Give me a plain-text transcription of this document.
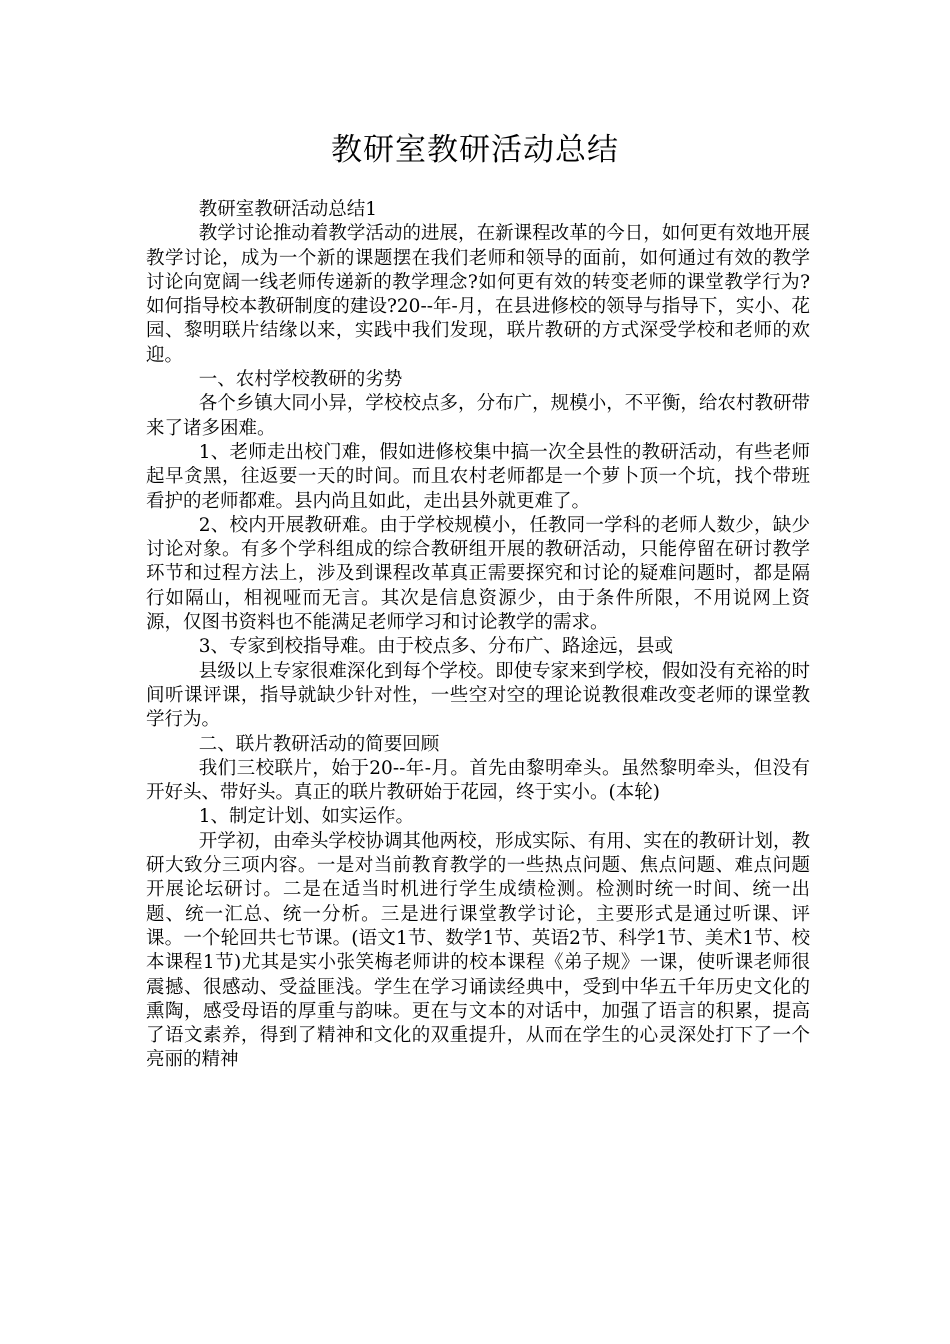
教研室教研活动总结

教研室教研活动总结1

教学讨论推动着教学活动的进展，在新课程改革的今日，如何更有效地开展教学讨论，成为一个新的课题摆在我们老师和领导的面前，如何通过有效的教学讨论向宽阔一线老师传递新的教学理念?如何更有效的转变老师的课堂教学行为?如何指导校本教研制度的建设?20--年-月，在县进修校的领导与指导下，实小、花园、黎明联片结缘以来，实践中我们发现，联片教研的方式深受学校和老师的欢迎。

一、农村学校教研的劣势

各个乡镇大同小异，学校校点多，分布广，规模小，不平衡，给农村教研带来了诸多困难。

1、老师走出校门难，假如进修校集中搞一次全县性的教研活动，有些老师起早贪黑，往返要一天的时间。而且农村老师都是一个萝卜顶一个坑，找个带班看护的老师都难。县内尚且如此，走出县外就更难了。

2、校内开展教研难。由于学校规模小，任教同一学科的老师人数少，缺少讨论对象。有多个学科组成的综合教研组开展的教研活动，只能停留在研讨教学环节和过程方法上，涉及到课程改革真正需要探究和讨论的疑难问题时，都是隔行如隔山，相视哑而无言。其次是信息资源少，由于条件所限，不用说网上资源，仅图书资料也不能满足老师学习和讨论教学的需求。

3、专家到校指导难。由于校点多、分布广、路途远，县或

县级以上专家很难深化到每个学校。即使专家来到学校，假如没有充裕的时间听课评课，指导就缺少针对性，一些空对空的理论说教很难改变老师的课堂教学行为。

二、联片教研活动的简要回顾

我们三校联片，始于20--年-月。首先由黎明牵头。虽然黎明牵头，但没有开好头、带好头。真正的联片教研始于花园，终于实小。(本轮)

1、制定计划、如实运作。

开学初，由牵头学校协调其他两校，形成实际、有用、实在的教研计划，教研大致分三项内容。一是对当前教育教学的一些热点问题、焦点问题、难点问题开展论坛研讨。二是在适当时机进行学生成绩检测。检测时统一时间、统一出题、统一汇总、统一分析。三是进行课堂教学讨论，主要形式是通过听课、评课。一个轮回共七节课。(语文1节、数学1节、英语2节、科学1节、美术1节、校本课程1节)尤其是实小张笑梅老师讲的校本课程《弟子规》一课，使听课老师很震撼、很感动、受益匪浅。学生在学习诵读经典中，受到中华五千年历史文化的熏陶，感受母语的厚重与韵味。更在与文本的对话中，加强了语言的积累，提高了语文素养，得到了精神和文化的双重提升，从而在学生的心灵深处打下了一个亮丽的精神
